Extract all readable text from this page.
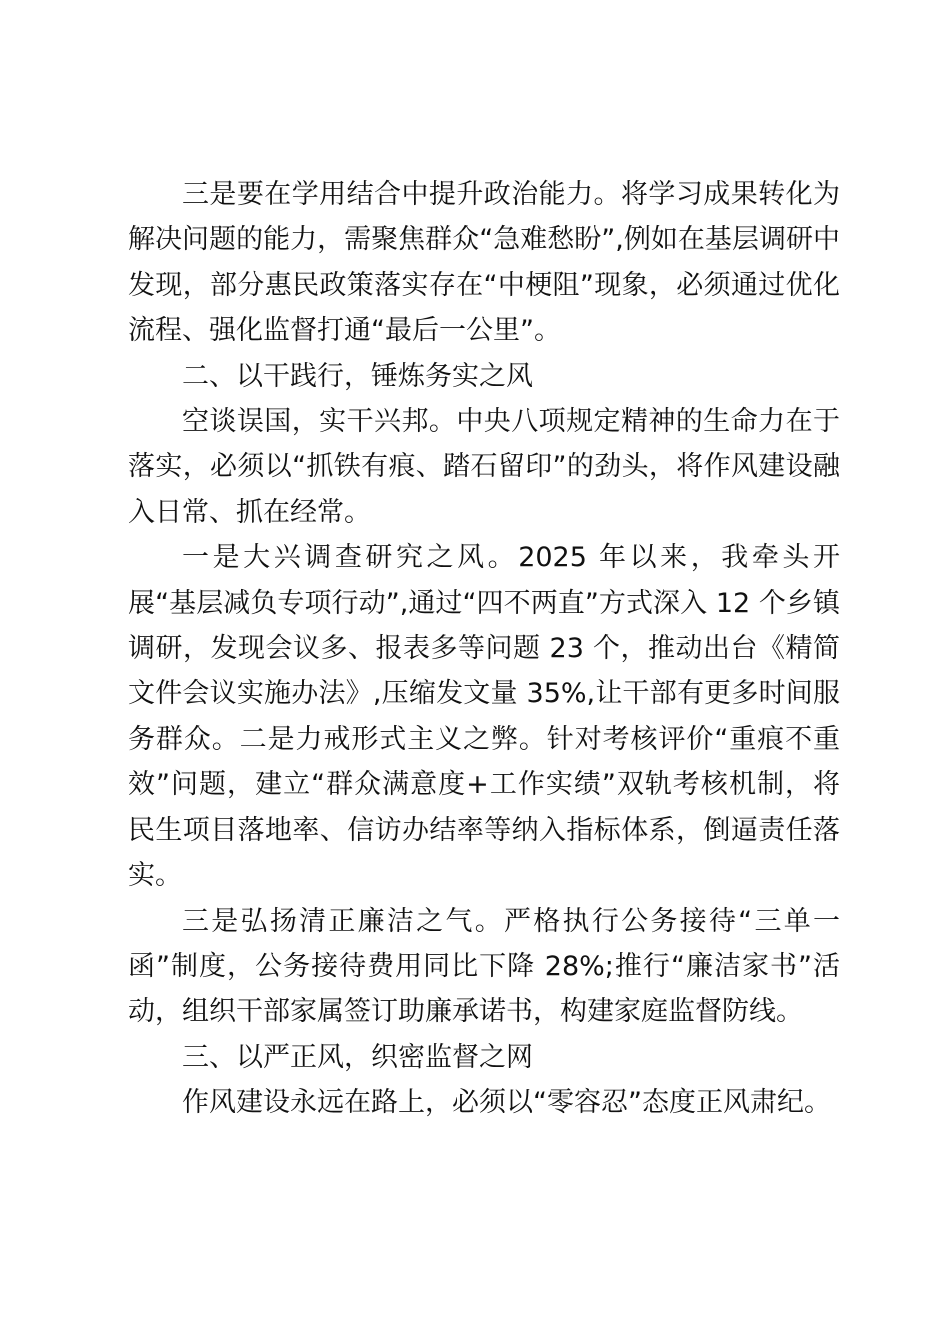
三是要在学用结合中提升政治能力。将学习成果转化为解决问题的能力，需聚焦群众“急难愁盼”,例如在基层调研中发现，部分惠民政策落实存在“中梗阻”现象，必须通过优化流程、强化监督打通“最后一公里”。

二、以干践行，锤炼务实之风

空谈误国，实干兴邦。中央八项规定精神的生命力在于落实，必须以“抓铁有痕、踏石留印”的劲头，将作风建设融入日常、抓在经常。

一是大兴调查研究之风。2025 年以来，我牵头开展“基层减负专项行动”,通过“四不两直”方式深入 12 个乡镇调研，发现会议多、报表多等问题 23 个，推动出台《精简文件会议实施办法》,压缩发文量 35%,让干部有更多时间服务群众。二是力戒形式主义之弊。针对考核评价“重痕不重效”问题，建立“群众满意度+工作实绩”双轨考核机制，将民生项目落地率、信访办结率等纳入指标体系，倒逼责任落实。

三是弘扬清正廉洁之气。严格执行公务接待“三单一函”制度，公务接待费用同比下降 28%;推行“廉洁家书”活动，组织干部家属签订助廉承诺书，构建家庭监督防线。

三、以严正风，织密监督之网

作风建设永远在路上，必须以“零容忍”态度正风肃纪。
